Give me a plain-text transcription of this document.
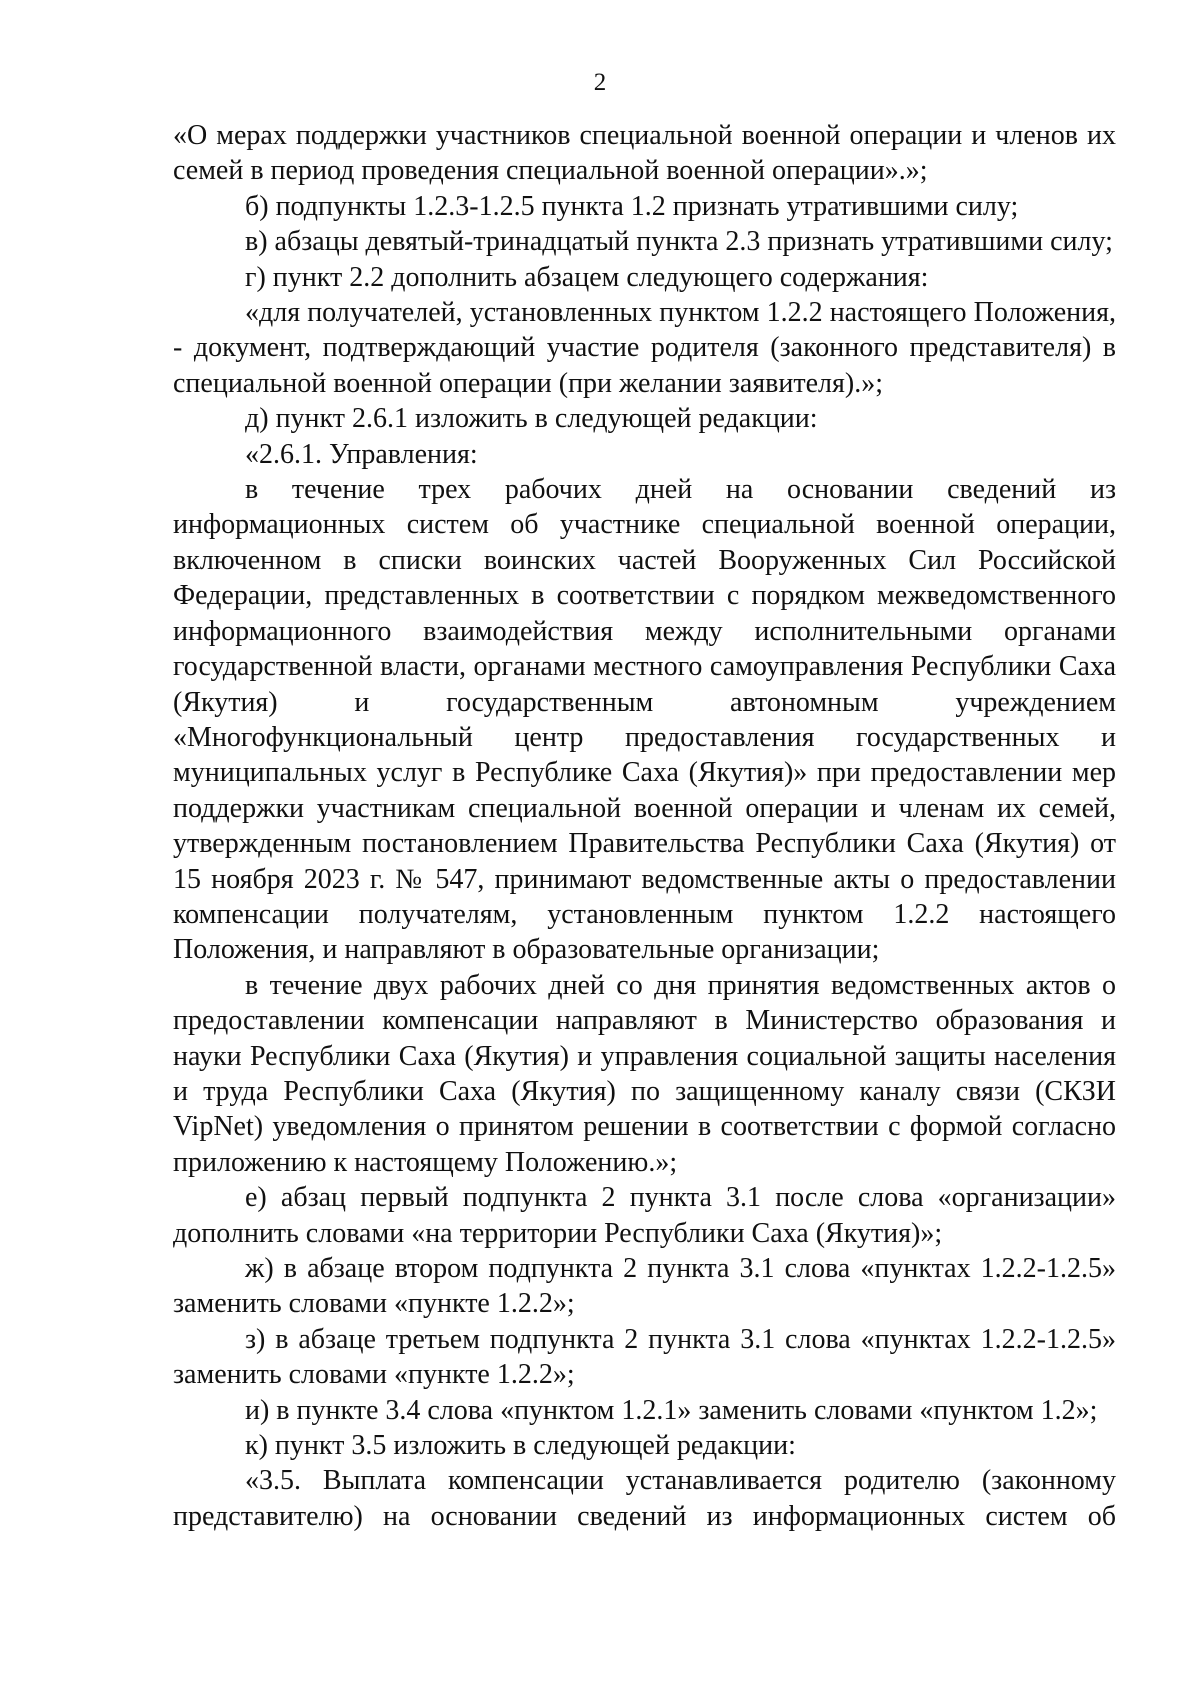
2

«О мерах поддержки участников специальной военной операции и членов их семей в период проведения специальной военной операции».»;

б) подпункты 1.2.3-1.2.5 пункта 1.2 признать утратившими силу;

в) абзацы девятый-тринадцатый пункта 2.3 признать утратившими силу;

г) пункт 2.2 дополнить абзацем следующего содержания:

«для получателей, установленных пунктом 1.2.2 настоящего Положения, - документ, подтверждающий участие родителя (законного представителя) в специальной военной операции (при желании заявителя).»;

д) пункт 2.6.1 изложить в следующей редакции:

«2.6.1. Управления:

в течение трех рабочих дней на основании сведений из информационных систем об участнике специальной военной операции, включенном в списки воинских частей Вооруженных Сил Российской Федерации, представленных в соответствии с порядком межведомственного информационного взаимодействия между исполнительными органами государственной власти, органами местного самоуправления Республики Саха (Якутия) и государственным автономным учреждением «Многофункциональный центр предоставления государственных и муниципальных услуг в Республике Саха (Якутия)» при предоставлении мер поддержки участникам специальной военной операции и членам их семей, утвержденным постановлением Правительства Республики Саха (Якутия) от 15 ноября 2023 г. № 547, принимают ведомственные акты о предоставлении компенсации получателям, установленным пунктом 1.2.2 настоящего Положения, и направляют в образовательные организации;

в течение двух рабочих дней со дня принятия ведомственных актов о предоставлении компенсации направляют в Министерство образования и науки Республики Саха (Якутия) и управления социальной защиты населения и труда Республики Саха (Якутия) по защищенному каналу связи (СКЗИ VipNet) уведомления о принятом решении в соответствии с формой согласно приложению к настоящему Положению.»;

е) абзац первый подпункта 2 пункта 3.1 после слова «организации» дополнить словами «на территории Республики Саха (Якутия)»;

ж) в абзаце втором подпункта 2 пункта 3.1 слова «пунктах 1.2.2-1.2.5» заменить словами «пункте 1.2.2»;

з) в абзаце третьем подпункта 2 пункта 3.1 слова «пунктах 1.2.2-1.2.5» заменить словами «пункте 1.2.2»;

и) в пункте 3.4 слова «пунктом 1.2.1» заменить словами «пунктом 1.2»;

к) пункт 3.5 изложить в следующей редакции:

«3.5. Выплата компенсации устанавливается родителю (законному представителю) на основании сведений из информационных систем об
